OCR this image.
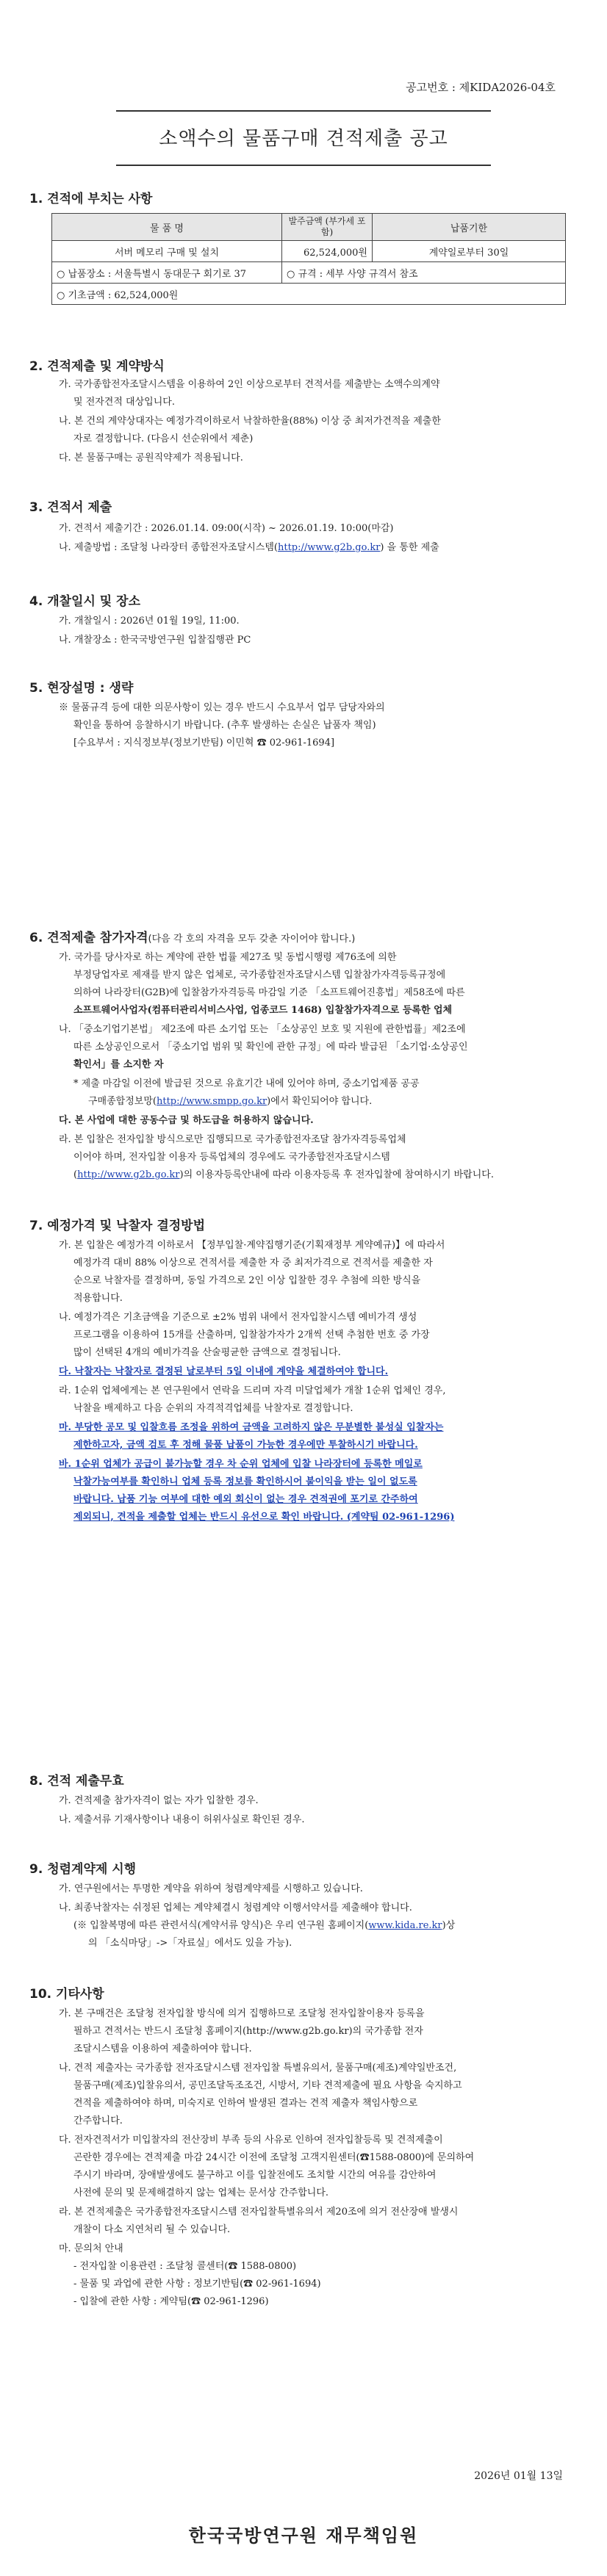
공고번호 : 제KIDA2026-04호
소액수의 물품구매 견적제출 공고
1. 견적에 부치는 사항
물 품 명	발주금액 (부가세 포함)	납품기한
서버 메모리 구매 및 설치	62,524,000원	계약일로부터 30일
○ 납품장소 : 서울특별시 동대문구 회기로 37	○ 규격 : 세부 사양 규격서 참조	
○ 기초금액 : 62,524,000원		
2. 견적제출 및 계약방식
가. 국가종합전자조달시스템을 이용하여 2인 이상으로부터 견적서를 제출받는 소액수의계약
및 전자견적 대상입니다.
나. 본 건의 계약상대자는 예정가격이하로서 낙찰하한율(88%) 이상 중 최저가견적을 제출한
자로 결정합니다. (다음시 선순위에서 제춘)
다. 본 물품구매는 공원직약제가 적용됩니다.
3. 견적서 제출
가. 견적서 제출기간 : 2026.01.14. 09:00(시작) ~ 2026.01.19. 10:00(마감)
나. 제출방법 : 조달청 나라장터 종합전자조달시스템(http://www.g2b.go.kr) 을 통한 제출
4. 개찰일시 및 장소
가. 개찰일시 : 2026년 01월 19일, 11:00.
나. 개찰장소 : 한국국방연구원 입찰집행관 PC
5. 현장설명 : 생략
※ 물품규격 등에 대한 의문사항이 있는 경우 반드시 수요부서 업무 담당자와의
확인을 통하여 응찰하시기 바랍니다. (추후 발생하는 손실은 납품자 책임)
[수요부서 : 지식정보부(정보기반팀) 이민혁 ☎ 02-961-1694]
6. 견적제출 참가자격(다음 각 호의 자격을 모두 갖춘 자이어야 합니다.)
가. 국가를 당사자로 하는 계약에 관한 법률 제27조 및 동법시행령 제76조에 의한
부정당업자로 제재를 받지 않은 업체로, 국가종합전자조달시스템 입찰참가자격등록규정에
의하여 나라장터(G2B)에 입찰참가자격등록 마감일 기준 「소프트웨어진흥법」제58조에 따른
소프트웨어사업자(컴퓨터관리서비스사업, 업종코드 1468) 입찰참가자격으로 등록한 업체
나. 「중소기업기본법」 제2조에 따른 소기업 또는 「소상공인 보호 및 지원에 관한법률」제2조에
따른 소상공인으로서 「중소기업 범위 및 확인에 관한 규정」에 따라 발급된 「소기업·소상공인
확인서」를 소지한 자
* 제출 마감일 이전에 발급된 것으로 유효기간 내에 있어야 하며, 중소기업제품 공공
구매종합정보망(http://www.smpp.go.kr)에서 확인되어야 합니다.
다. 본 사업에 대한 공동수급 및 하도급을 허용하지 않습니다.
라. 본 입찰은 전자입찰 방식으로만 집행되므로 국가종합전자조달 참가자격등록업체
이어야 하며, 전자입찰 이용자 등록업체의 경우에도 국가종합전자조달시스템
(http://www.g2b.go.kr)의 이용자등록안내에 따라 이용자등록 후 전자입찰에 참여하시기 바랍니다.
7. 예정가격 및 낙찰자 결정방법
가. 본 입찰은 예정가격 이하로서 【정부입찰·계약집행기준(기획재정부 계약예규)】에 따라서
예정가격 대비 88% 이상으로 견적서를 제출한 자 중 최저가격으로 견적서를 제출한 자
순으로 낙찰자를 결정하며, 동일 가격으로 2인 이상 입찰한 경우 추첨에 의한 방식을
적용합니다.
나. 예정가격은 기초금액을 기준으로 ±2% 범위 내에서 전자입찰시스템 예비가격 생성
프로그램을 이용하여 15개를 산출하며, 입찰참가자가 2개씩 선택 추첨한 번호 중 가장
많이 선택된 4개의 예비가격을 산술평균한 금액으로 결정됩니다.
다. 낙찰자는 낙찰자로 결정된 날로부터 5일 이내에 계약을 체결하여야 합니다.
라. 1순위 업체에게는 본 연구원에서 연락을 드리며 자격 미달업체가 개찰 1순위 업체인 경우,
낙찰을 배제하고 다음 순위의 자격적격업체를 낙찰자로 결정합니다.
마. 부당한 공모 및 입찰흐름 조정을 위하여 금액을 고려하지 않은 무분별한 불성실 입찰자는
제한하고자, 금액 검토 후 정해 물품 납품이 가능한 경우에만 투찰하시기 바랍니다.
바. 1순위 업체가 공급이 불가능할 경우 차 순위 업체에 입찰 나라장터에 등록한 메일로
낙찰가능여부를 확인하니 업체 등록 정보를 확인하시어 불이익을 받는 일이 없도록
바랍니다. 납품 기능 여부에 대한 예외 회신이 없는 경우 견적권에 포기로 간주하여
제외되니, 견적을 제출할 업체는 반드시 유선으로 확인 바랍니다. (계약팀 02-961-1296)
8. 견적 제출무효
가. 견적제출 참가자격이 없는 자가 입찰한 경우.
나. 제출서류 기재사항이나 내용이 허위사실로 확인된 경우.
9. 청렴계약제 시행
가. 연구원에서는 투명한 계약을 위하여 청렴계약제를 시행하고 있습니다.
나. 최종낙찰자는 쉬정된 업체는 계약체결시 청렴계약 이행서약서를 제출해야 합니다.
(※ 입찰복명에 따른 관련서식(계약서류 양식)은 우리 연구원 홈페이지(www.kida.re.kr)상
의 「소식마당」->「자료실」에서도 있을 가능).
10. 기타사항
가. 본 구매건은 조달청 전자입찰 방식에 의거 집행하므로 조달청 전자입찰이용자 등록을
필하고 견적서는 반드시 조달청 홈페이지(http://www.g2b.go.kr)의 국가종합 전자
조달시스템을 이용하여 제출하여야 합니다.
나. 견적 제출자는 국가종합 전자조달시스템 전자입찰 특별유의서, 물품구매(제조)계약일반조건,
물품구매(제조)입찰유의서, 공민조달독조조건, 시방서, 기타 견적제출에 필요 사항을 숙지하고
견적을 제출하여야 하며, 미숙지로 인하여 발생된 결과는 견적 제출자 책임사항으로
간주합니다.
다. 전자견적서가 미입찰자의 전산장비 부족 등의 사유로 인하여 전자입찰등록 및 견적제출이
곤란한 경우에는 견적제출 마감 24시간 이전에 조달청 고객지원센터(☎1588-0800)에 문의하여
주시기 바라며, 장애발생에도 불구하고 이를 입찰전에도 조치할 시간의 여유를 감안하여
사전에 문의 및 문제해결하지 않는 업체는 문서상 간주합니다.
라. 본 견적제출은 국가종합전자조달시스템 전자입찰특별유의서 제20조에 의거 전산장애 발생시
개찰이 다소 지연처리 될 수 있습니다.
마. 문의처 안내
- 전자입찰 이용관련 : 조달청 콜센터(☎ 1588-0800)
- 물품 및 과업에 관한 사항 : 정보기반팀(☎ 02-961-1694)
- 입찰에 관한 사항 : 계약팀(☎ 02-961-1296)
2026년 01월 13일
한국국방연구원 재무책임원
